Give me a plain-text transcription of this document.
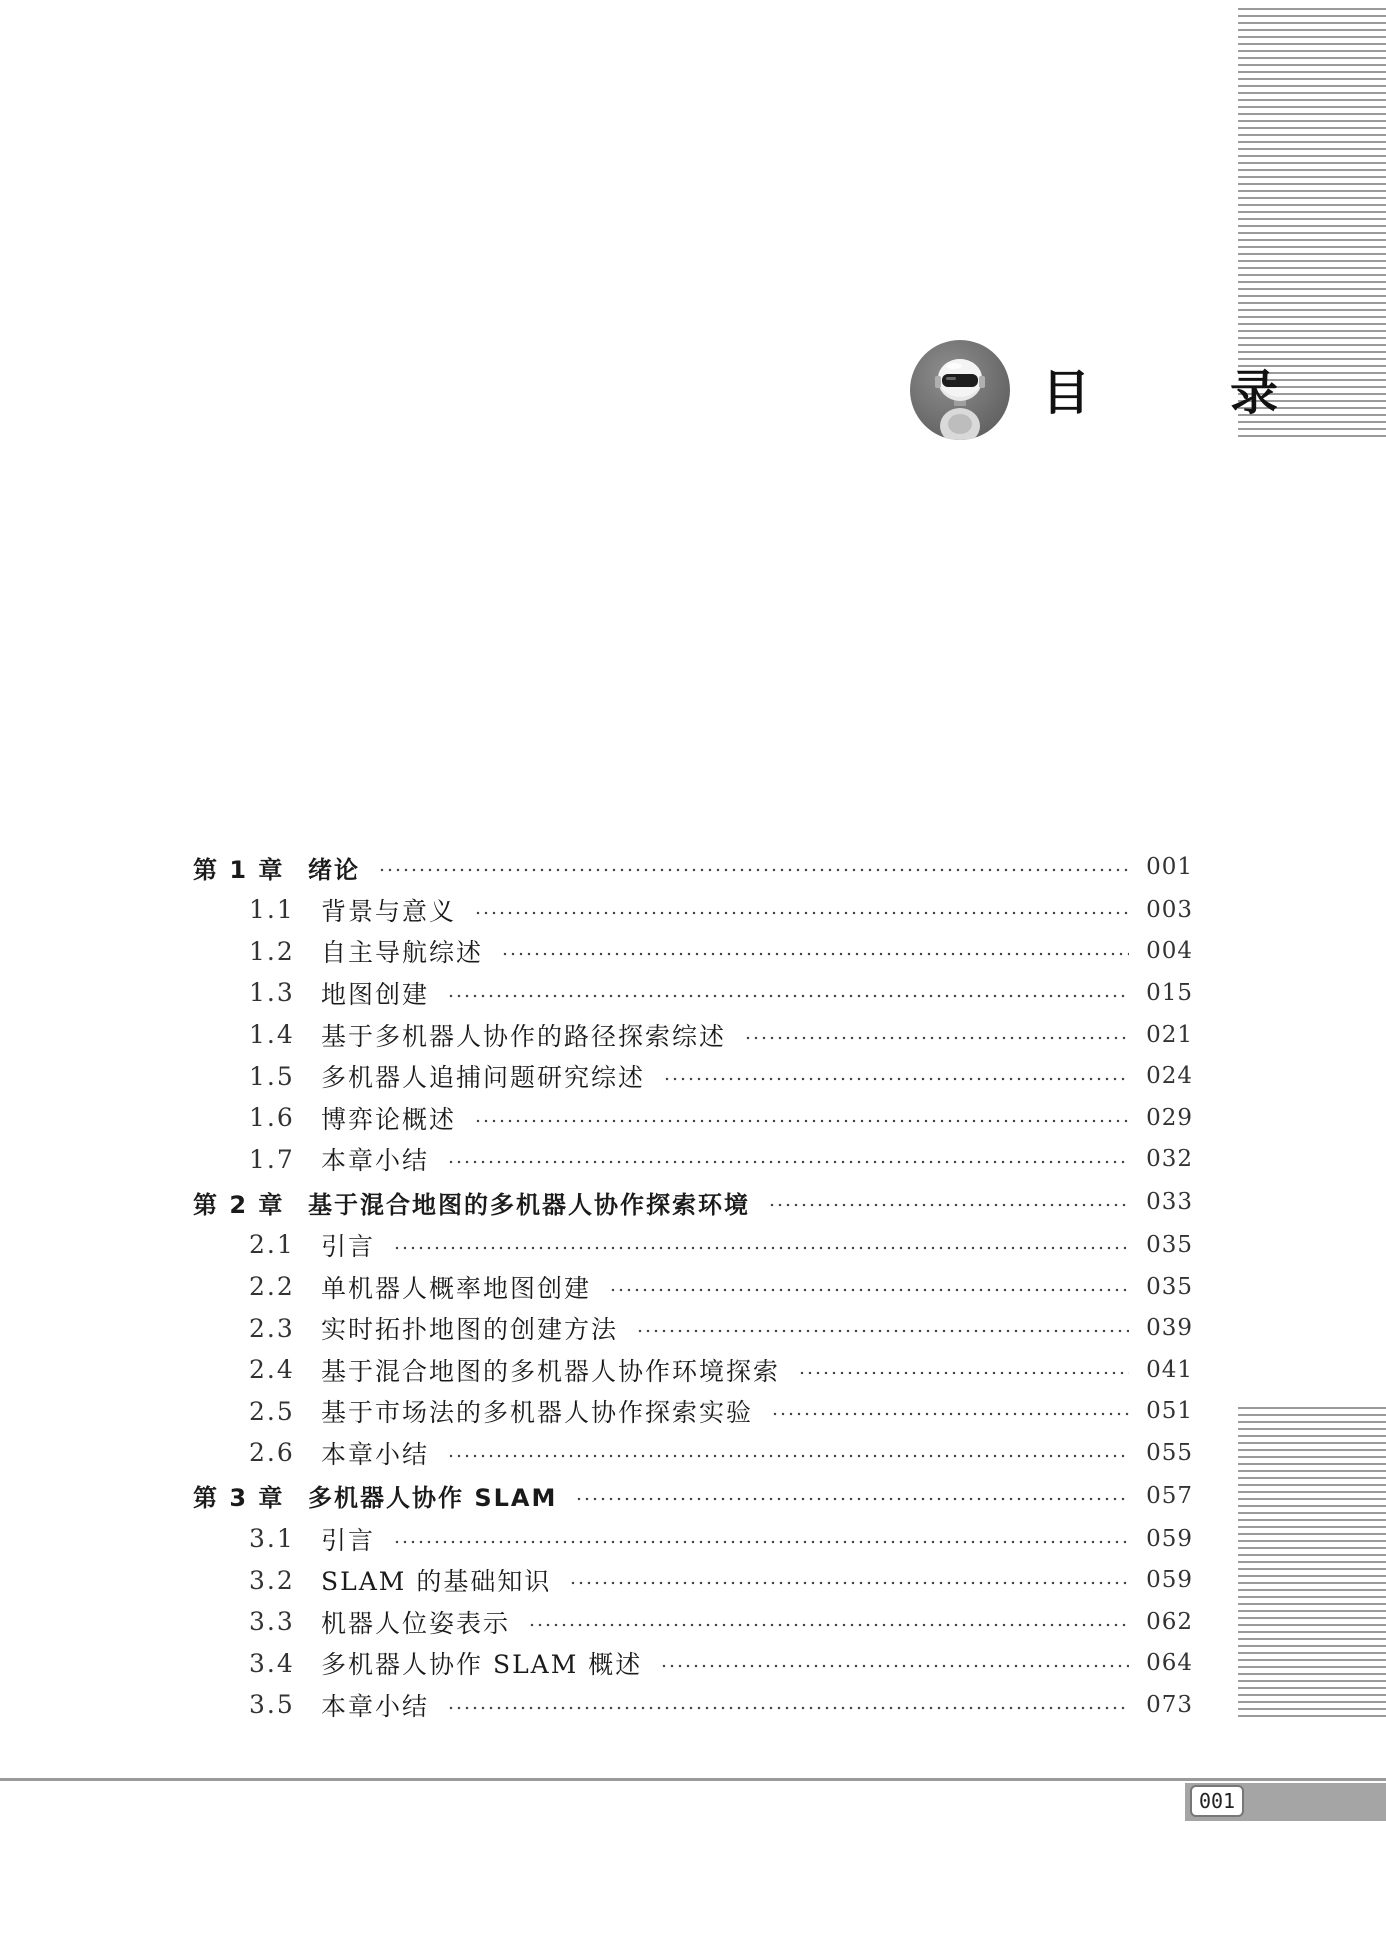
目　录
第 1 章 绪论	001
1.1	背景与意义	003
1.2	自主导航综述	004
1.3	地图创建	015
1.4	基于多机器人协作的路径探索综述	021
1.5	多机器人追捕问题研究综述	024
1.6	博弈论概述	029
1.7	本章小结	032
第 2 章 基于混合地图的多机器人协作探索环境	033
2.1	引言	035
2.2	单机器人概率地图创建	035
2.3	实时拓扑地图的创建方法	039
2.4	基于混合地图的多机器人协作环境探索	041
2.5	基于市场法的多机器人协作探索实验	051
2.6	本章小结	055
第 3 章 多机器人协作 SLAM	057
3.1	引言	059
3.2	SLAM 的基础知识	059
3.3	机器人位姿表示	062
3.4	多机器人协作 SLAM 概述	064
3.5	本章小结	073
001
